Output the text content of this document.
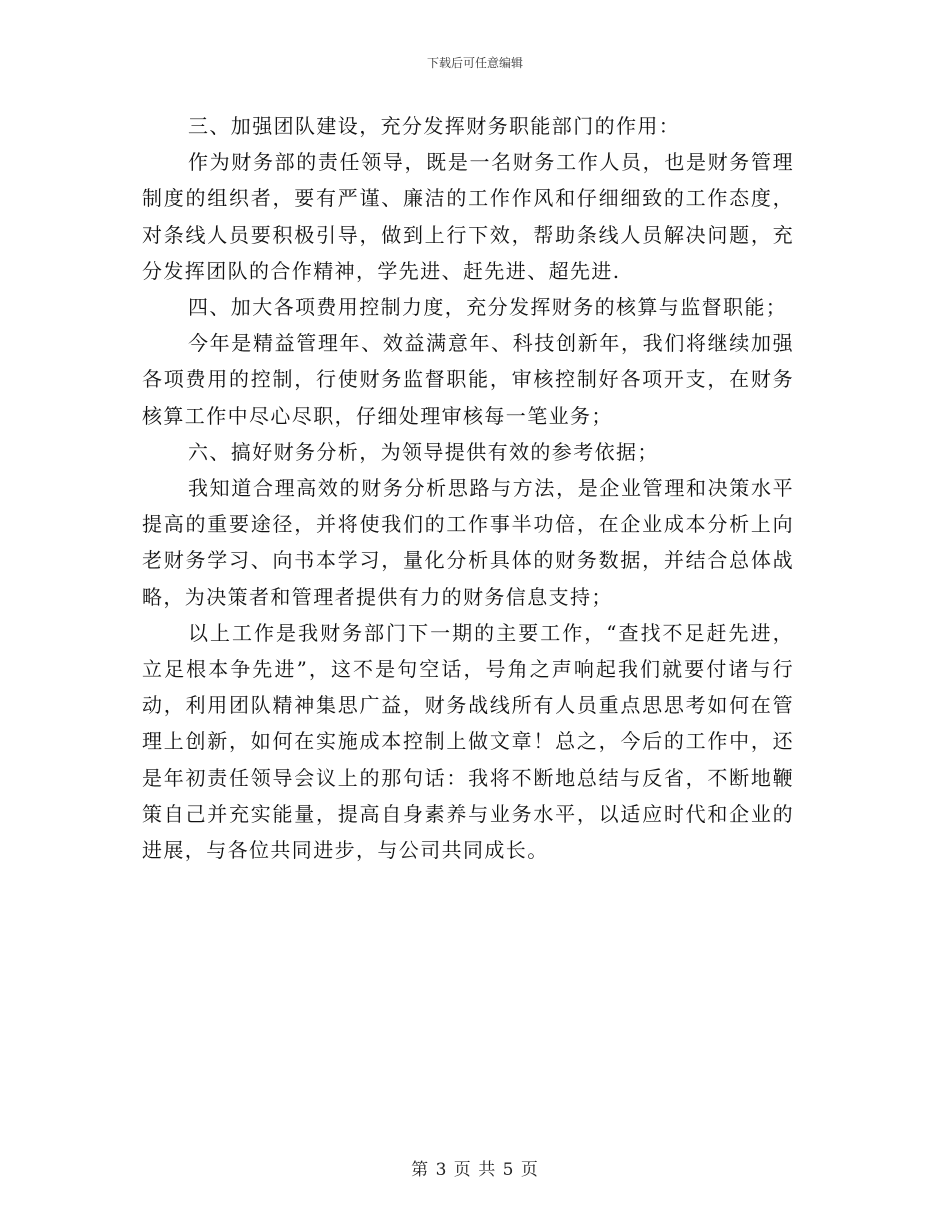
下载后可任意编辑

三、加强团队建设，充分发挥财务职能部门的作用：

作为财务部的责任领导，既是一名财务工作人员，也是财务管理制度的组织者，要有严谨、廉洁的工作作风和仔细细致的工作态度，对条线人员要积极引导，做到上行下效，帮助条线人员解决问题，充分发挥团队的合作精神，学先进、赶先进、超先进.

四、加大各项费用控制力度，充分发挥财务的核算与监督职能；

今年是精益管理年、效益满意年、科技创新年，我们将继续加强各项费用的控制，行使财务监督职能，审核控制好各项开支，在财务核算工作中尽心尽职，仔细处理审核每一笔业务；

六、搞好财务分析，为领导提供有效的参考依据；

我知道合理高效的财务分析思路与方法，是企业管理和决策水平提高的重要途径，并将使我们的工作事半功倍，在企业成本分析上向老财务学习、向书本学习，量化分析具体的财务数据，并结合总体战略，为决策者和管理者提供有力的财务信息支持；

以上工作是我财务部门下一期的主要工作，“查找不足赶先进，立足根本争先进”，这不是句空话，号角之声响起我们就要付诸与行动，利用团队精神集思广益，财务战线所有人员重点思思考如何在管理上创新，如何在实施成本控制上做文章！总之，今后的工作中，还是年初责任领导会议上的那句话：我将不断地总结与反省，不断地鞭策自己并充实能量，提高自身素养与业务水平，以适应时代和企业的进展，与各位共同进步，与公司共同成长。

第 3 页 共 5 页
